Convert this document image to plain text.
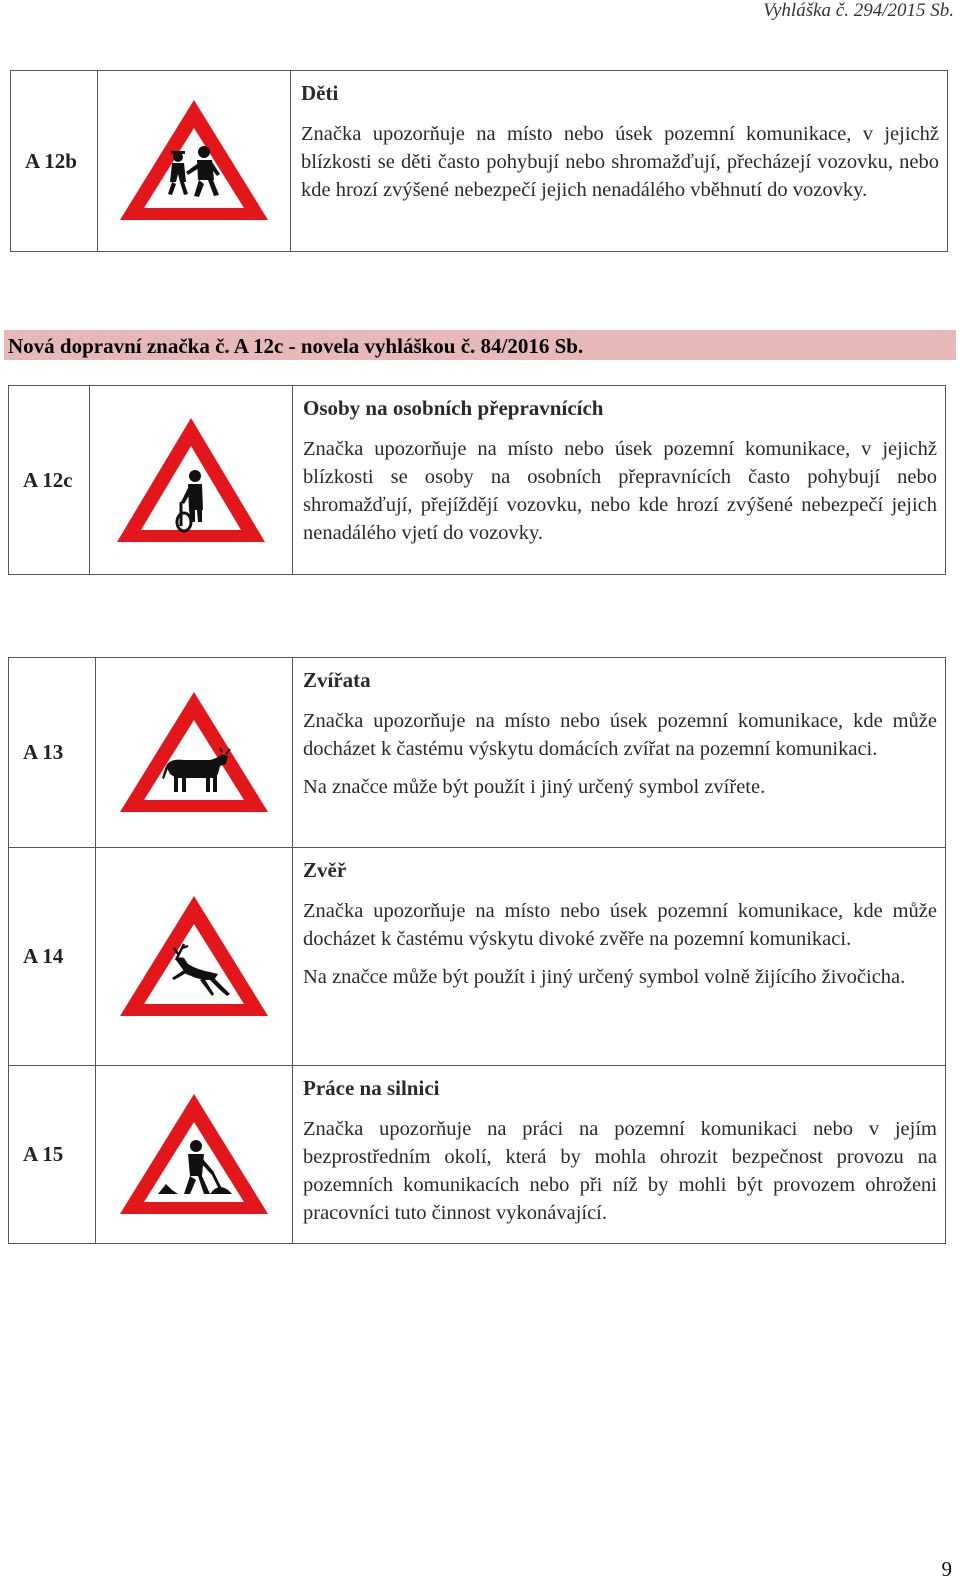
Vyhláška č. 294/2015 Sb.
A 12b	

Děti

Značka upozorňuje na místo nebo úsek pozemní komunikace, v jejichž blízkosti se děti často pohybují nebo shromažďují, přecházejí vozovku, nebo kde hrozí zvýšené nebezpečí jejich nenadálého vběhnutí do vozovky.

Nová dopravní značka č. A 12c - novela vyhláškou č. 84/2016 Sb.
A 12c	

Osoby na osobních přepravnících

Značka upozorňuje na místo nebo úsek pozemní komunikace, v jejichž blízkosti se osoby na osobních přepravnících často pohybují nebo shromažďují, přejíždějí vozovku, nebo kde hrozí zvýšené nebezpečí jejich nenadálého vjetí do vozovky.

A 13		Zvířata

Značka upozorňuje na místo nebo úsek pozemní komunikace, kde může docházet k častému výskytu domácích zvířat na pozemní komunikaci.

Na značce může být použít i jiný určený symbol zvířete.

A 14		Zvěř

Značka upozorňuje na místo nebo úsek pozemní komunikace, kde může docházet k častému výskytu divoké zvěře na pozemní komunikaci.

Na značce může být použít i jiný určený symbol volně žijícího živočicha.

A 15		Práce na silnici

Značka upozorňuje na práci na pozemní komunikaci nebo v jejím bezprostředním okolí, která by mohla ohrozit bezpečnost provozu na pozemních komunikacích nebo při níž by mohli být provozem ohroženi pracovníci tuto činnost vykonávající.

9
